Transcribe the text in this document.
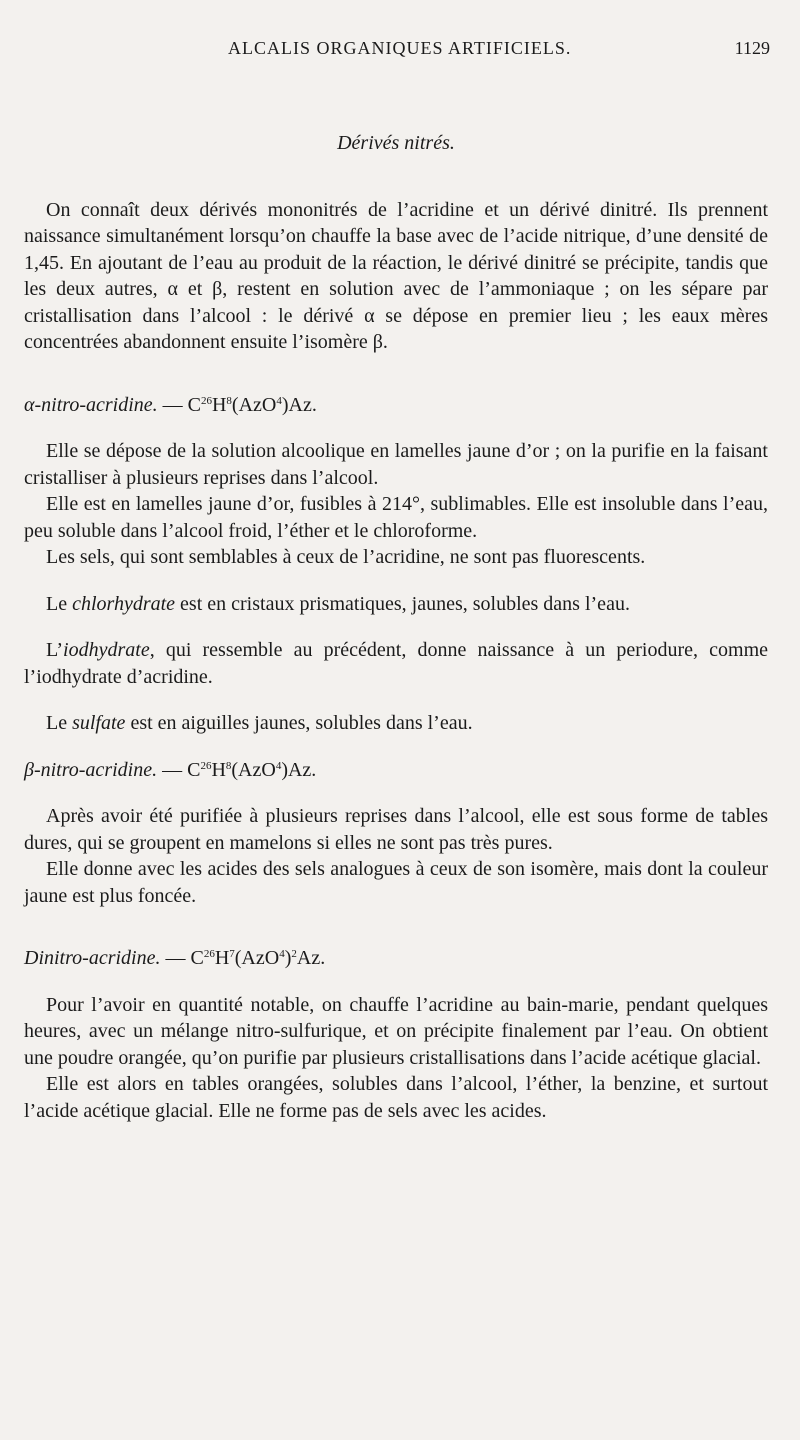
ALCALIS ORGANIQUES ARTIFICIELS.	1129
Dérivés nitrés.

On connaît deux dérivés mononitrés de l’acridine et un dérivé dinitré. Ils prennent naissance simultanément lorsqu’on chauffe la base avec de l’acide nitrique, d’une densité de 1,45. En ajoutant de l’eau au produit de la réaction, le dérivé dinitré se précipite, tandis que les deux autres, α et β, restent en solution avec de l’ammoniaque ; on les sépare par cristallisation dans l’alcool : le dérivé α se dépose en premier lieu ; les eaux mères concentrées abandonnent ensuite l’isomère β.

α-nitro-acridine. — $C^{26}H^8(AzO^4)Az$.

Elle se dépose de la solution alcoolique en lamelles jaune d’or ; on la purifie en la faisant cristalliser à plusieurs reprises dans l’alcool.

Elle est en lamelles jaune d’or, fusibles à 214°, sublimables. Elle est insoluble dans l’eau, peu soluble dans l’alcool froid, l’éther et le chloroforme.

Les sels, qui sont semblables à ceux de l’acridine, ne sont pas fluorescents.

Le chlorhydrate est en cristaux prismatiques, jaunes, solubles dans l’eau.

L’iodhydrate, qui ressemble au précédent, donne naissance à un periodure, comme l’iodhydrate d’acridine.

Le sulfate est en aiguilles jaunes, solubles dans l’eau.

β-nitro-acridine. — $C^{26}H^8(AzO^4)Az$.

Après avoir été purifiée à plusieurs reprises dans l’alcool, elle est sous forme de tables dures, qui se groupent en mamelons si elles ne sont pas très pures.

Elle donne avec les acides des sels analogues à ceux de son isomère, mais dont la couleur jaune est plus foncée.

Dinitro-acridine. — $C^{26}H^7(AzO^4)^2Az$.

Pour l’avoir en quantité notable, on chauffe l’acridine au bain-marie, pendant quelques heures, avec un mélange nitro-sulfurique, et on précipite finalement par l’eau. On obtient une poudre orangée, qu’on purifie par plusieurs cristallisations dans l’acide acétique glacial.

Elle est alors en tables orangées, solubles dans l’alcool, l’éther, la benzine, et surtout l’acide acétique glacial. Elle ne forme pas de sels avec les acides.
